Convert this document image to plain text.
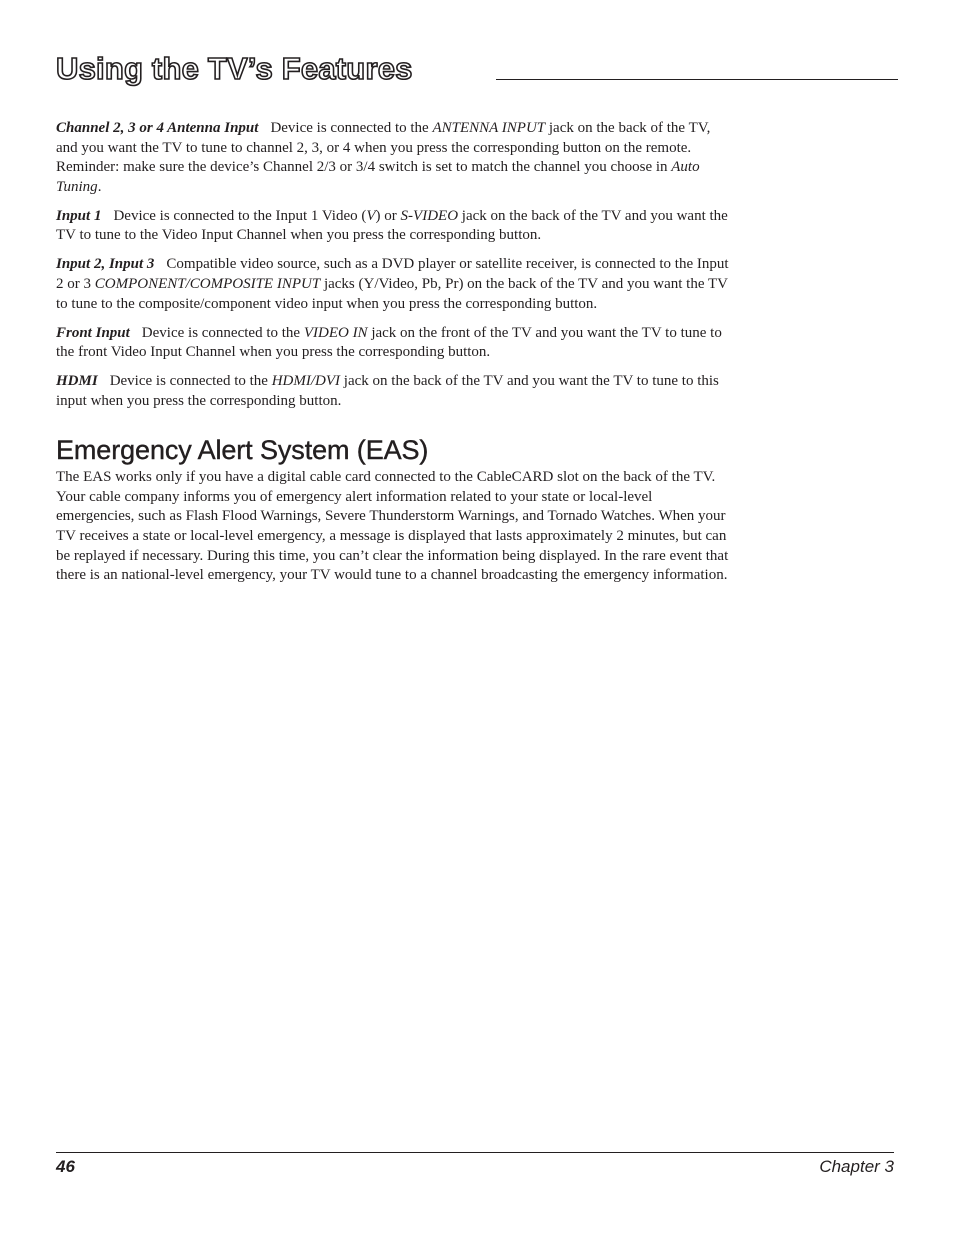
Using the TV’s Features

Channel 2, 3 or 4 Antenna Input Device is connected to the ANTENNA INPUT jack on the back of the TV, and you want the TV to tune to channel 2, 3, or 4 when you press the corresponding button on the remote. Reminder: make sure the device’s Channel 2/3 or 3/4 switch is set to match the channel you choose in Auto Tuning.

Input 1 Device is connected to the Input 1 Video (V) or S-VIDEO jack on the back of the TV and you want the TV to tune to the Video Input Channel when you press the corresponding button.

Input 2, Input 3 Compatible video source, such as a DVD player or satellite receiver, is connected to the Input 2 or 3 COMPONENT/COMPOSITE INPUT jacks (Y/Video, Pb, Pr) on the back of the TV and you want the TV to tune to the composite/component video input when you press the corresponding button.

Front Input Device is connected to the VIDEO IN jack on the front of the TV and you want the TV to tune to the front Video Input Channel when you press the corresponding button.

HDMI Device is connected to the HDMI/DVI jack on the back of the TV and you want the TV to tune to this input when you press the corresponding button.

Emergency Alert System (EAS)

The EAS works only if you have a digital cable card connected to the CableCARD slot on the back of the TV. Your cable company informs you of emergency alert information related to your state or local-level emergencies, such as Flash Flood Warnings, Severe Thunderstorm Warnings, and Tornado Watches. When your TV receives a state or local-level emergency, a message is displayed that lasts approximately 2 minutes, but can be replayed if necessary. During this time, you can’t clear the information being displayed. In the rare event that there is an national-level emergency, your TV would tune to a channel broadcasting the emergency information.

46	Chapter 3
